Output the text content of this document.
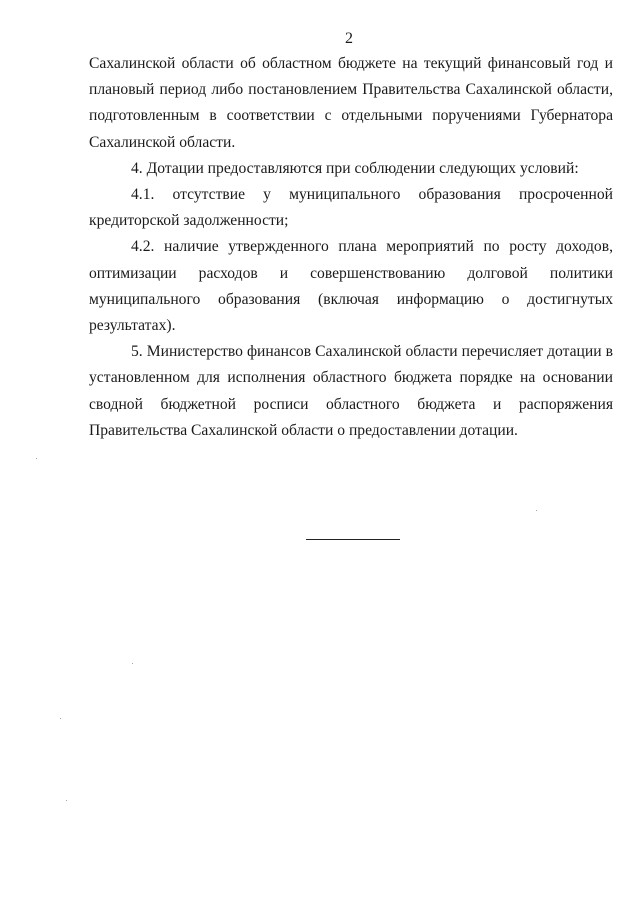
2

Сахалинской области об областном бюджете на текущий финансовый год и плановый период либо постановлением Правительства Сахалинской области, подготовленным в соответствии с отдельными поручениями Губернатора Сахалинской области.

4. Дотации предоставляются при соблюдении следующих условий:

4.1. отсутствие у муниципального образования просроченной кредиторской задолженности;

4.2. наличие утвержденного плана мероприятий по росту доходов, оптимизации расходов и совершенствованию долговой политики муниципального образования (включая информацию о достигнутых результатах).

5. Министерство финансов Сахалинской области перечисляет дотации в установленном для исполнения областного бюджета порядке на основании сводной бюджетной росписи областного бюджета и распоряжения Правительства Сахалинской области о предоставлении дотации.
